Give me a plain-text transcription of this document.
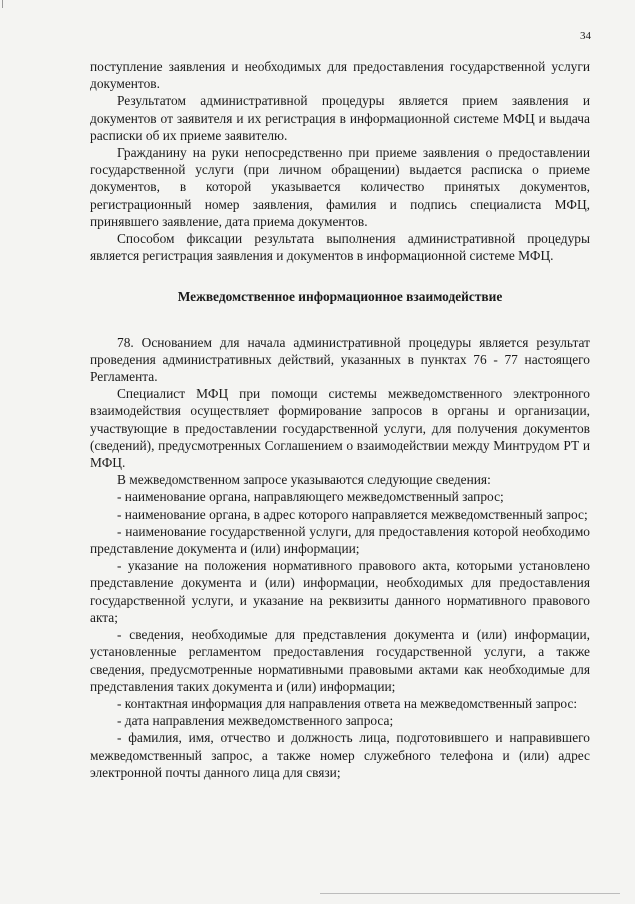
34

поступление заявления и необходимых для предоставления государственной услуги документов.

Результатом административной процедуры является прием заявления и документов от заявителя и их регистрация в информационной системе МФЦ и выдача расписки об их приеме заявителю.

Гражданину на руки непосредственно при приеме заявления о предоставлении государственной услуги (при личном обращении) выдается расписка о приеме документов, в которой указывается количество принятых документов, регистрационный номер заявления, фамилия и подпись специалиста МФЦ, принявшего заявление, дата приема документов.

Способом фиксации результата выполнения административной процедуры является регистрация заявления и документов в информационной системе МФЦ.

Межведомственное информационное взаимодействие

78. Основанием для начала административной процедуры является результат проведения административных действий, указанных в пунктах 76 - 77 настоящего Регламента.

Специалист МФЦ при помощи системы межведомственного электронного взаимодействия осуществляет формирование запросов в органы и организации, участвующие в предоставлении государственной услуги, для получения документов (сведений), предусмотренных Соглашением о взаимодействии между Минтрудом РТ и МФЦ.

В межведомственном запросе указываются следующие сведения:

- наименование органа, направляющего межведомственный запрос;

- наименование органа, в адрес которого направляется межведомственный запрос;

- наименование государственной услуги, для предоставления которой необходимо представление документа и (или) информации;

- указание на положения нормативного правового акта, которыми установлено представление документа и (или) информации, необходимых для предоставления государственной услуги, и указание на реквизиты данного нормативного правового акта;

- сведения, необходимые для представления документа и (или) информации, установленные регламентом предоставления государственной услуги, а также сведения, предусмотренные нормативными правовыми актами как необходимые для представления таких документа и (или) информации;

- контактная информация для направления ответа на межведомственный запрос:

- дата направления межведомственного запроса;

- фамилия, имя, отчество и должность лица, подготовившего и направившего межведомственный запрос, а также номер служебного телефона и (или) адрес электронной почты данного лица для связи;
